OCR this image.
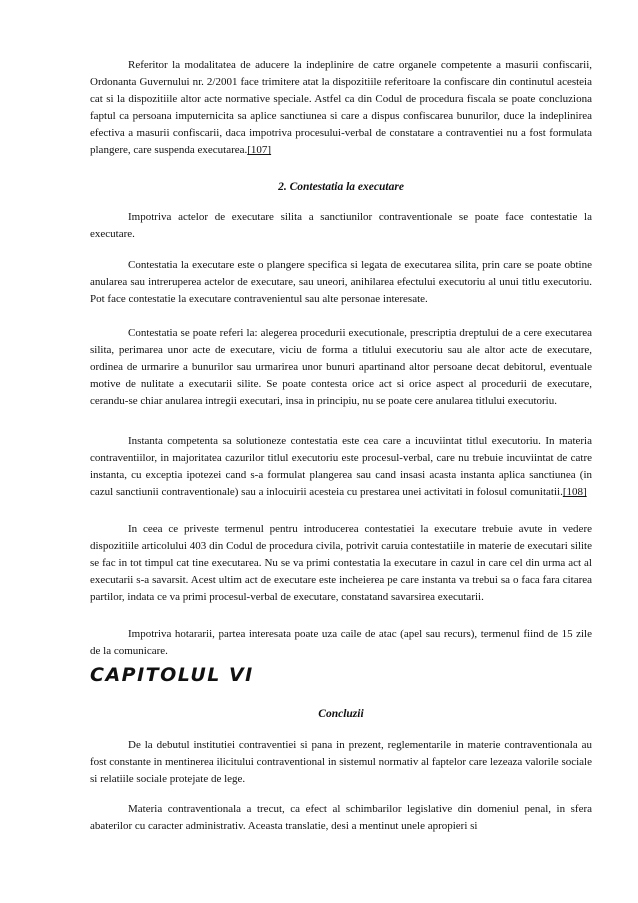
Referitor la modalitatea de aducere la indeplinire de catre organele competente a masurii confiscarii, Ordonanta Guvernului nr. 2/2001 face trimitere atat la dispozitiile referitoare la confiscare din continutul acesteia cat si la dispozitiile altor acte normative speciale. Astfel ca din Codul de procedura fiscala se poate concluziona faptul ca persoana imputernicita sa aplice sanctiunea si care a dispus confiscarea bunurilor, duce la indeplinirea efectiva a masurii confiscarii, daca impotriva procesului-verbal de constatare a contraventiei nu a fost formulata plangere, care suspenda executarea.[107]

2. Contestatia la executare

Impotriva actelor de executare silita a sanctiunilor contraventionale se poate face contestatie la executare.

Contestatia la executare este o plangere specifica si legata de executarea silita, prin care se poate obtine anularea sau intreruperea actelor de executare, sau uneori, anihilarea efectului executoriu al unui titlu executoriu. Pot face contestatie la executare contravenientul sau alte personae interesate.

Contestatia se poate referi la: alegerea procedurii executionale, prescriptia dreptului de a cere executarea silita, perimarea unor acte de executare, viciu de forma a titlului executoriu sau ale altor acte de executare, ordinea de urmarire a bunurilor sau urmarirea unor bunuri apartinand altor persoane decat debitorul, eventuale motive de nulitate a executarii silite. Se poate contesta orice act si orice aspect al procedurii de executare, cerandu-se chiar anularea intregii executari, insa in principiu, nu se poate cere anularea titlului executoriu.

Instanta competenta sa solutioneze contestatia este cea care a incuviintat titlul executoriu. In materia contraventiilor, in majoritatea cazurilor titlul executoriu este procesul-verbal, care nu trebuie incuviintat de catre instanta, cu exceptia ipotezei cand s-a formulat plangerea sau cand insasi acasta instanta aplica sanctiunea (in cazul sanctiunii contraventionale) sau a inlocuirii acesteia cu prestarea unei activitati in folosul comunitatii.[108]

In ceea ce priveste termenul pentru introducerea contestatiei la executare trebuie avute in vedere dispozitiile articolului 403 din Codul de procedura civila, potrivit caruia contestatiile in materie de executari silite se fac in tot timpul cat tine executarea. Nu se va primi contestatia la executare in cazul in care cel din urma act al executarii s-a savarsit. Acest ultim act de executare este incheierea pe care instanta va trebui sa o faca fara citarea partilor, indata ce va primi procesul-verbal de executare, constatand savarsirea executarii.

Impotriva hotararii, partea interesata poate uza caile de atac (apel sau recurs), termenul fiind de 15 zile de la comunicare.

CAPITOLUL VI
Concluzii

De la debutul institutiei contraventiei si pana in prezent, reglementarile in materie contraventionala au fost constante in mentinerea ilicitului contraventional in sistemul normativ al faptelor care lezeaza valorile sociale si relatiile sociale protejate de lege.

Materia contraventionala a trecut, ca efect al schimbarilor legislative din domeniul penal, in sfera abaterilor cu caracter administrativ. Aceasta translatie, desi a mentinut unele apropieri si
